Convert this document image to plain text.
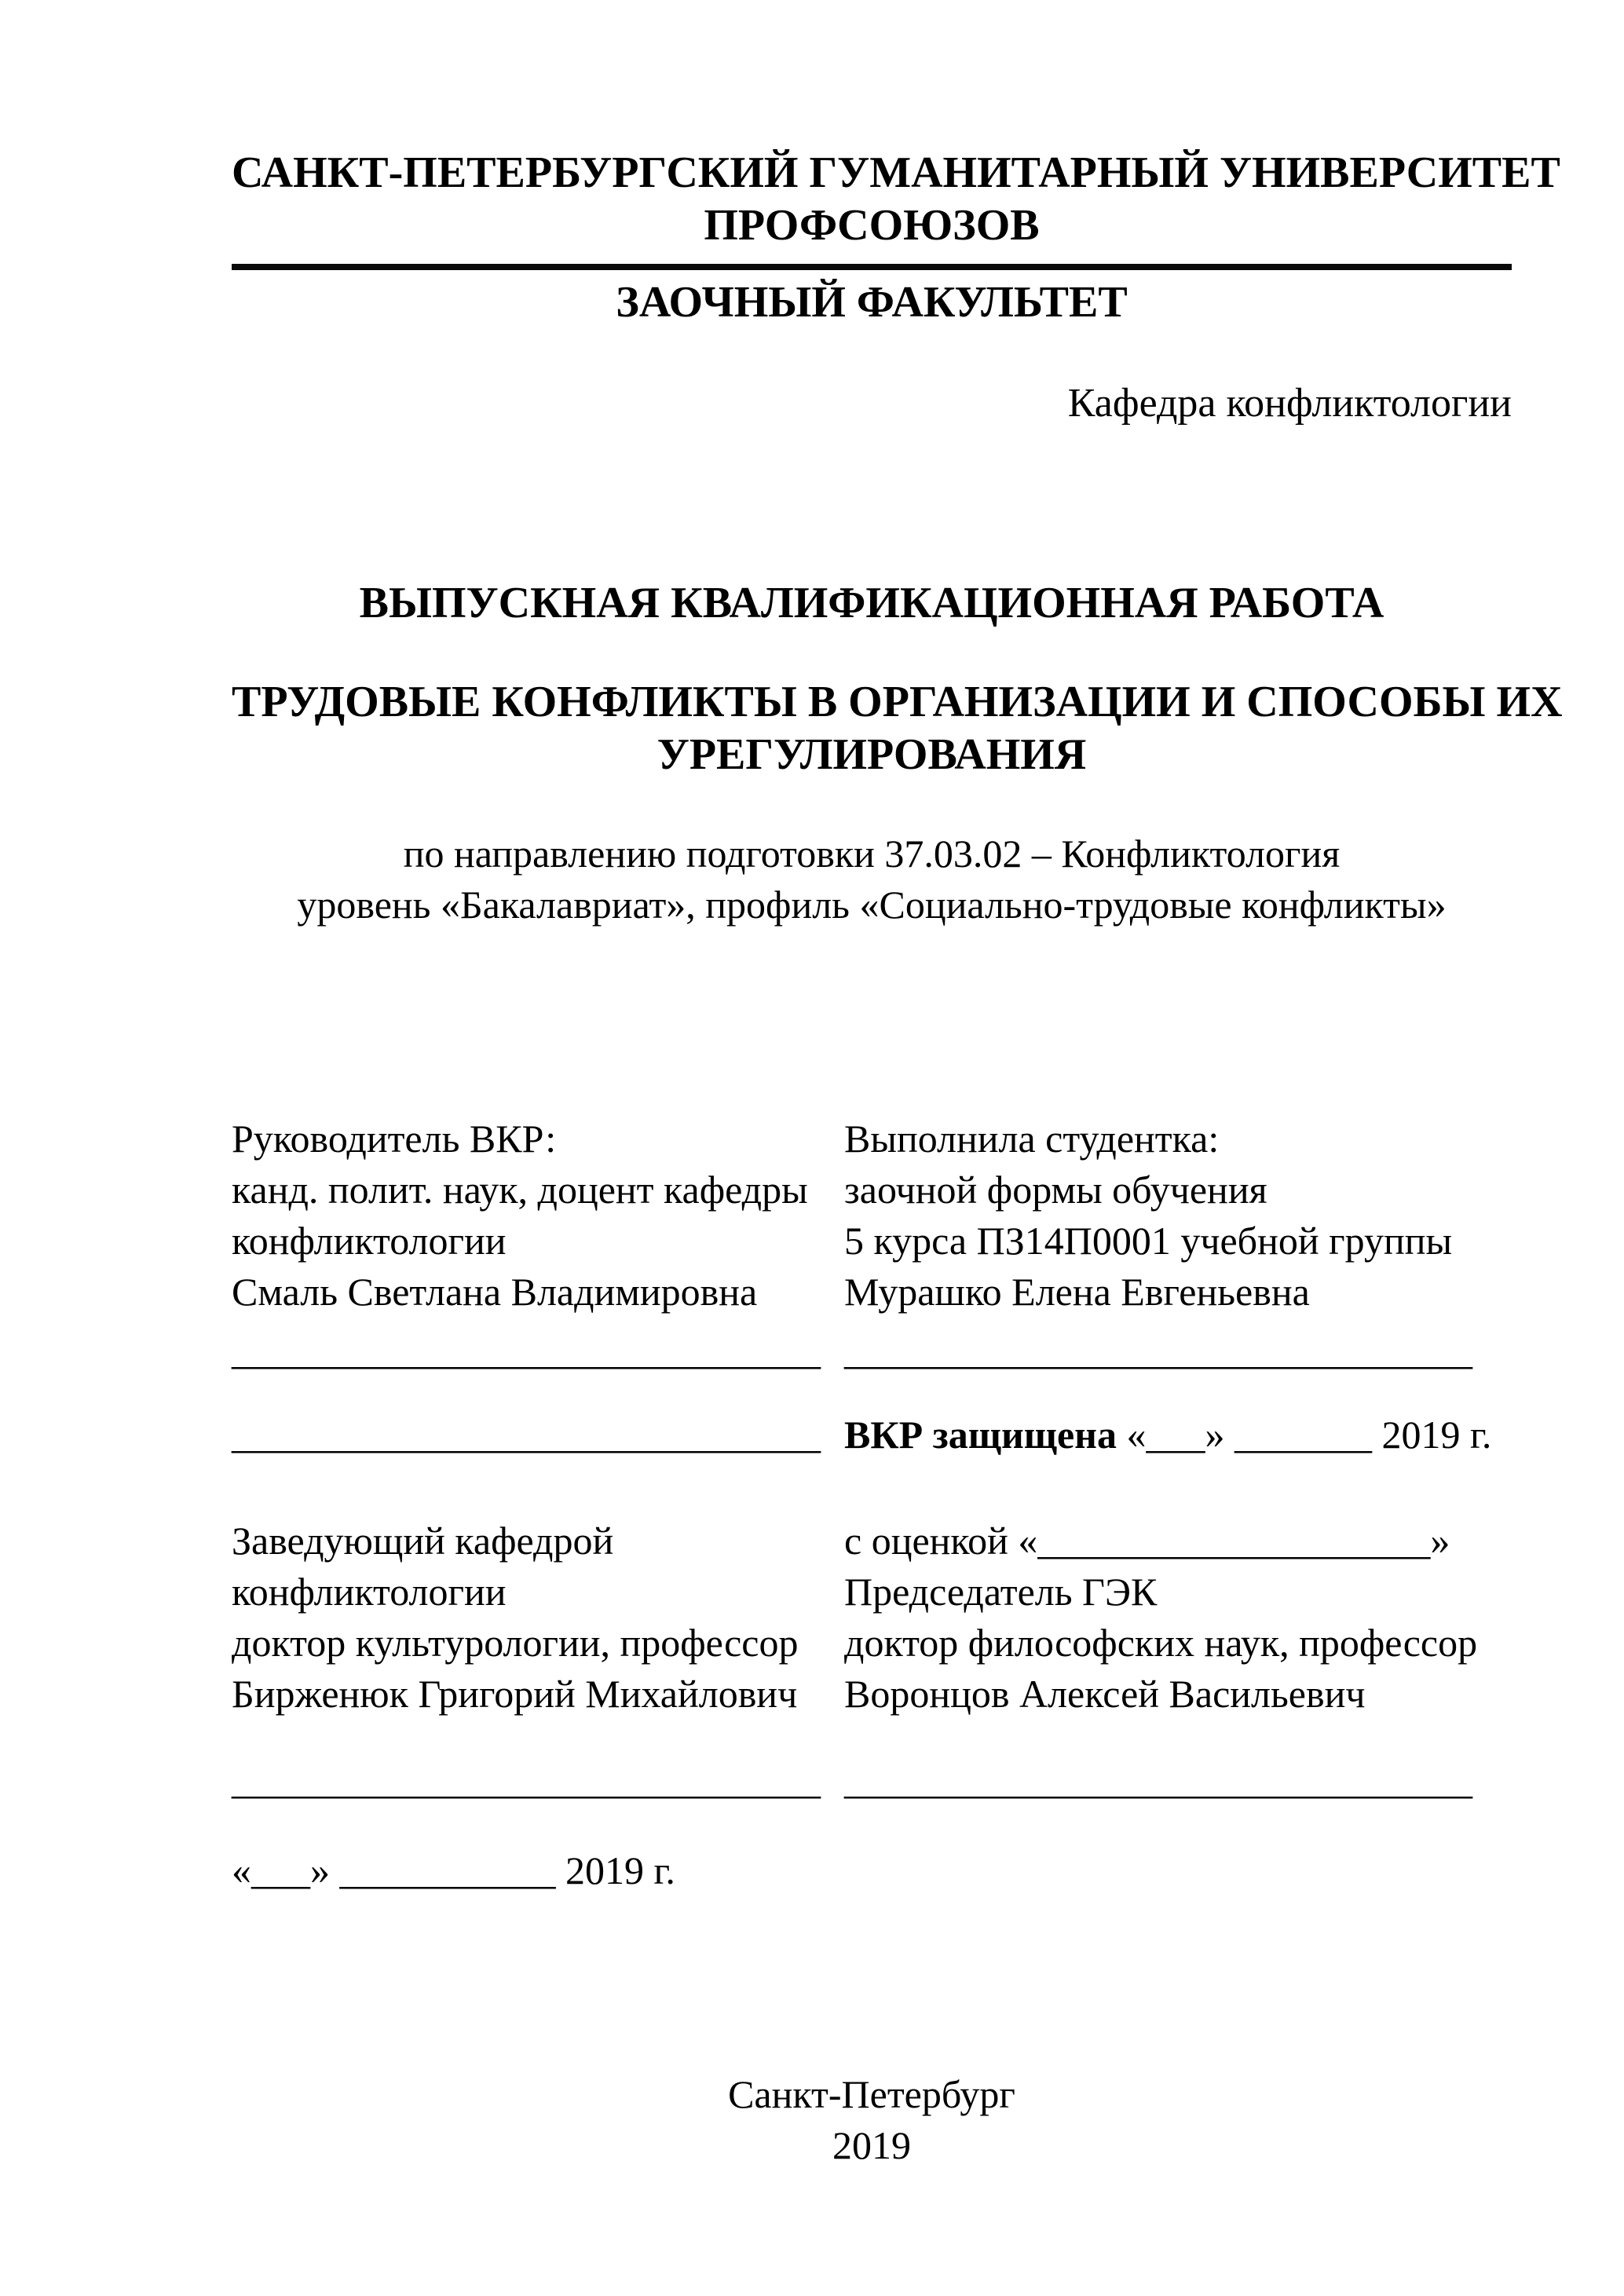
САНКТ-ПЕТЕРБУРГСКИЙ ГУМАНИТАРНЫЙ УНИВЕРСИТЕТ
ПРОФСОЮЗОВ
ЗАОЧНЫЙ ФАКУЛЬТЕТ
Кафедра конфликтологии
ВЫПУСКНАЯ КВАЛИФИКАЦИОННАЯ РАБОТА
ТРУДОВЫЕ КОНФЛИКТЫ В ОРГАНИЗАЦИИ И СПОСОБЫ ИХ
УРЕГУЛИРОВАНИЯ
по направлению подготовки 37.03.02 – Конфликтология
уровень «Бакалавриат», профиль «Социально-трудовые конфликты»
Руководитель ВКР:
канд. полит. наук, доцент кафедры
конфликтологии
Смаль Светлана Владимировна
______________________________
Выполнила студентка:
заочной формы обучения
5 курса ПЗ14П0001 учебной группы
Мурашко Елена Евгеньевна
________________________________
______________________________ ВКР защищена «___» _______ 2019 г.
Заведующий кафедрой
конфликтологии
доктор культурологии, профессор
Бирженюк Григорий Михайлович
с оценкой «____________________»
Председатель ГЭК
доктор философских наук, профессор
Воронцов Алексей Васильевич
______________________________ ________________________________
«___» ___________ 2019 г.
Санкт-Петербург
2019
